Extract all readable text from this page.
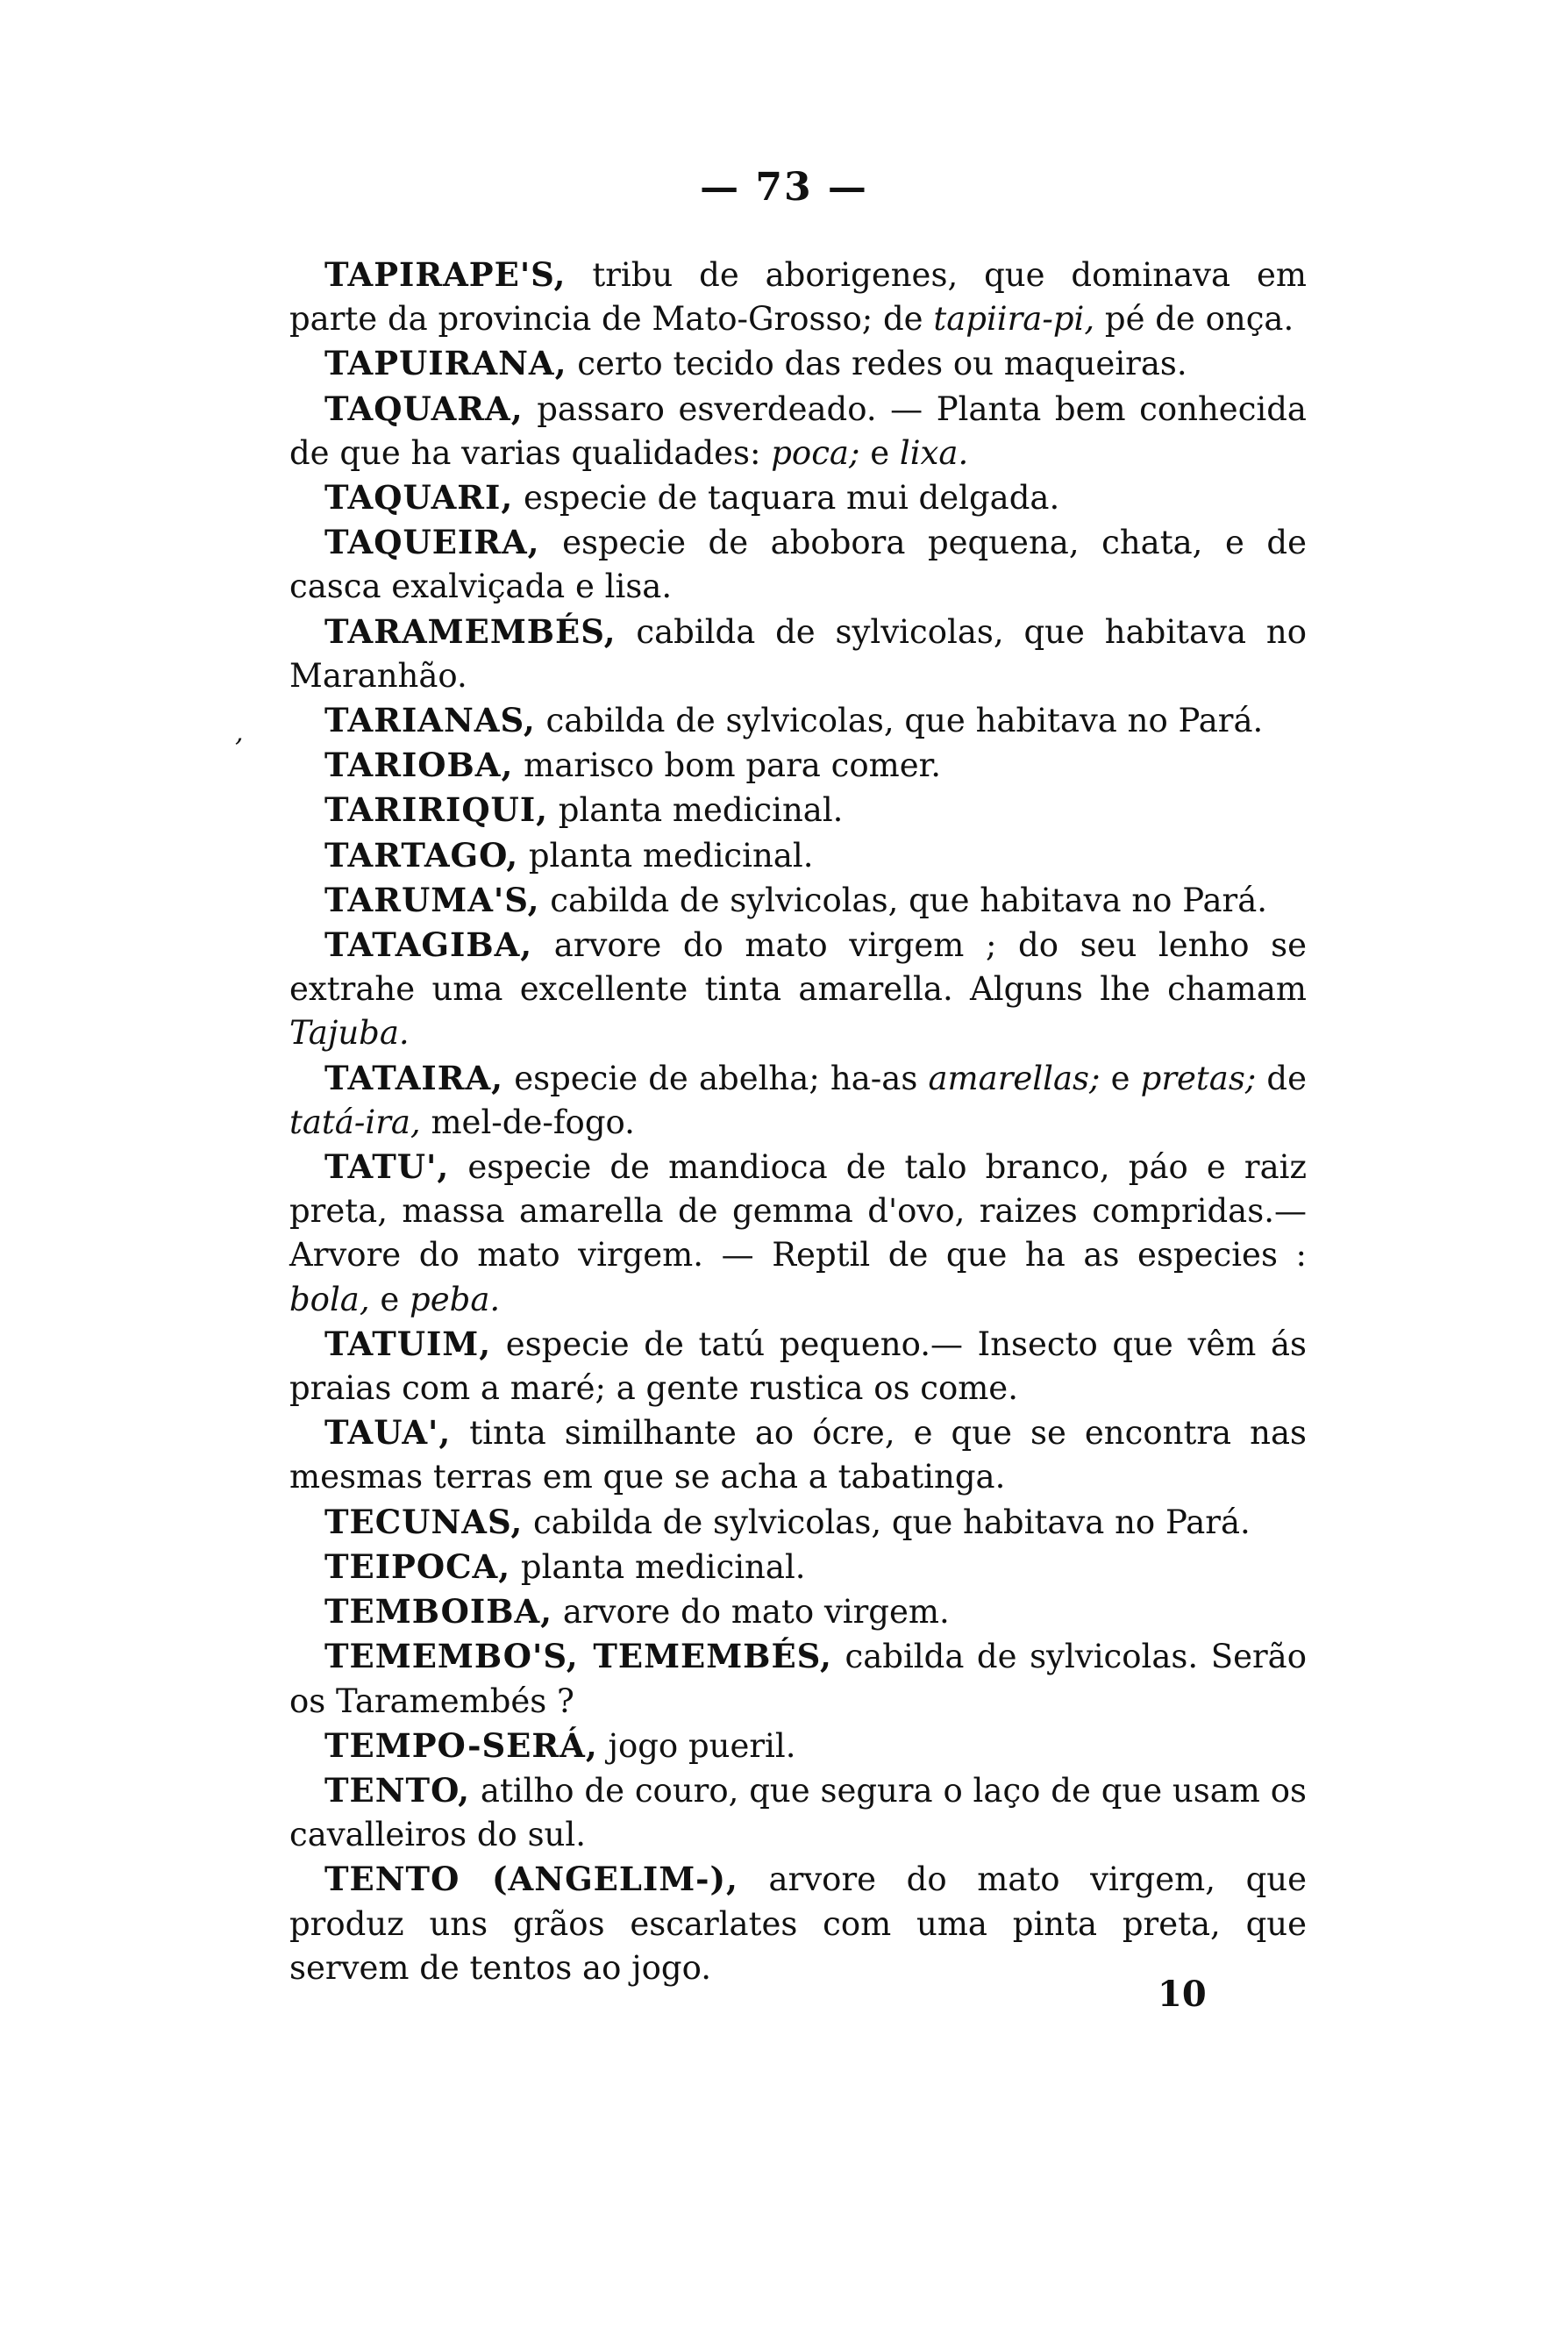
— 73 —
,

TAPIRAPE'S, tribu de aborigenes, que dominava em parte da provincia de Mato-Grosso; de tapiira-pi, pé de onça.

TAPUIRANA, certo tecido das redes ou maqueiras.

TAQUARA, passaro esverdeado. — Planta bem conhecida de que ha varias qualidades: poca; e lixa.

TAQUARI, especie de taquara mui delgada.

TAQUEIRA, especie de abobora pequena, chata, e de casca exalviçada e lisa.

TARAMEMBÉS, cabilda de sylvicolas, que habitava no Maranhão.

TARIANAS, cabilda de sylvicolas, que habitava no Pará.

TARIOBA, marisco bom para comer.

TARIRIQUI, planta medicinal.

TARTAGO, planta medicinal.

TARUMA'S, cabilda de sylvicolas, que habitava no Pará.

TATAGIBA, arvore do mato virgem ; do seu lenho se extrahe uma excellente tinta amarella. Alguns lhe chamam Tajuba.

TATAIRA, especie de abelha; ha-as amarellas; e pretas; de tatá-ira, mel-de-fogo.

TATU', especie de mandioca de talo branco, páo e raiz preta, massa amarella de gemma d'ovo, raizes compridas.— Arvore do mato virgem. — Reptil de que ha as especies : bola, e peba.

TATUIM, especie de tatú pequeno.— Insecto que vêm ás praias com a maré; a gente rustica os come.

TAUA', tinta similhante ao ócre, e que se encontra nas mesmas terras em que se acha a tabatinga.

TECUNAS, cabilda de sylvicolas, que habitava no Pará.

TEIPOCA, planta medicinal.

TEMBOIBA, arvore do mato virgem.

TEMEMBO'S, TEMEMBÉS, cabilda de sylvicolas. Serão os Taramembés ?

TEMPO-SERÁ, jogo pueril.

TENTO, atilho de couro, que segura o laço de que usam os cavalleiros do sul.

TENTO (ANGELIM-), arvore do mato virgem, que produz uns grãos escarlates com uma pinta preta, que servem de tentos ao jogo.

10
